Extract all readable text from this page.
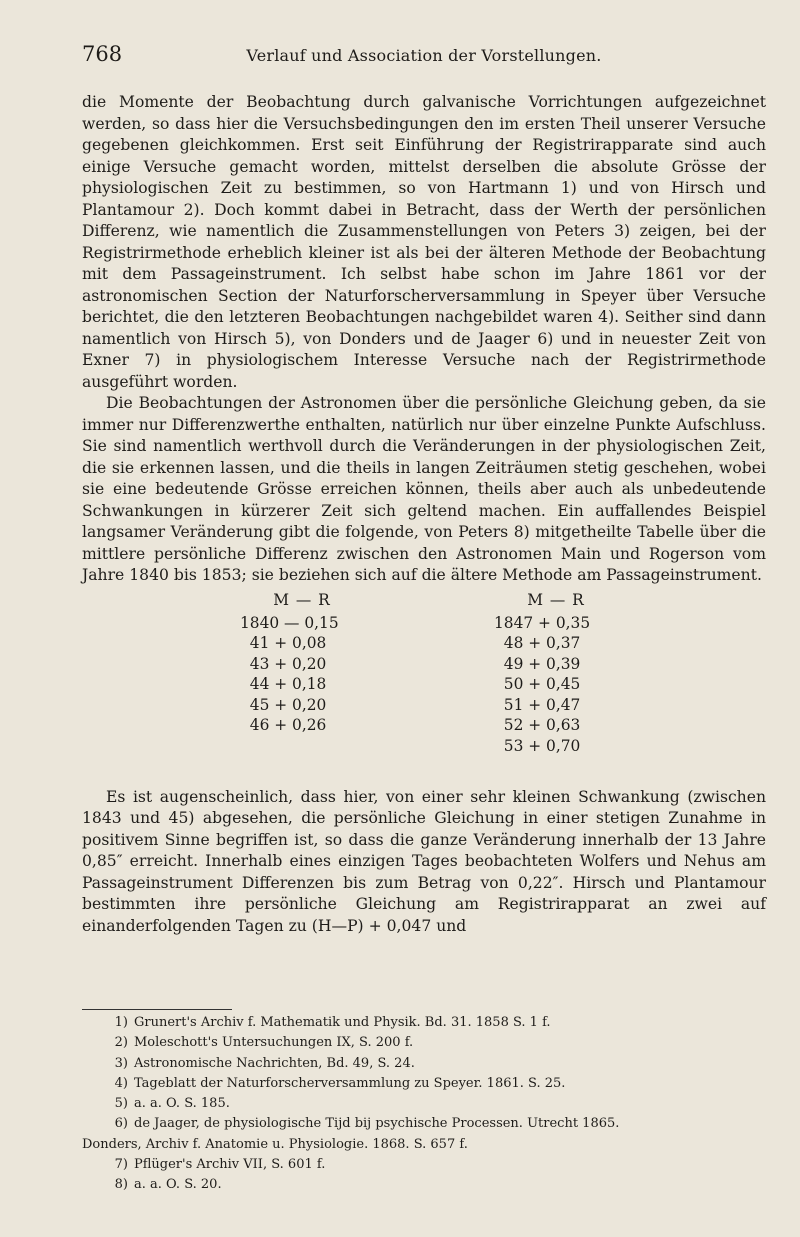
768	Verlauf und Association der Vorstellungen.

die Momente der Beobachtung durch galvanische Vorrichtungen aufgezeichnet werden, so dass hier die Versuchsbedingungen den im ersten Theil unserer Versuche gegebenen gleichkommen. Erst seit Einführung der Registrirapparate sind auch einige Versuche gemacht worden, mittelst derselben die absolute Grösse der physiologischen Zeit zu bestimmen, so von Hartmann 1) und von Hirsch und Plantamour 2). Doch kommt dabei in Betracht, dass der Werth der persönlichen Differenz, wie namentlich die Zusammenstellungen von Peters 3) zeigen, bei der Registrirmethode erheblich kleiner ist als bei der älteren Methode der Beobachtung mit dem Passageinstrument. Ich selbst habe schon im Jahre 1861 vor der astronomischen Section der Naturforscherversammlung in Speyer über Versuche berichtet, die den letzteren Beobachtungen nachgebildet waren 4). Seither sind dann namentlich von Hirsch 5), von Donders und de Jaager 6) und in neuester Zeit von Exner 7) in physiologischem Interesse Versuche nach der Registrirmethode ausgeführt worden.

Die Beobachtungen der Astronomen über die persönliche Gleichung geben, da sie immer nur Differenzwerthe enthalten, natürlich nur über einzelne Punkte Aufschluss. Sie sind namentlich werthvoll durch die Veränderungen in der physiologischen Zeit, die sie erkennen lassen, und die theils in langen Zeiträumen stetig geschehen, wobei sie eine bedeutende Grösse erreichen können, theils aber auch als unbedeutende Schwankungen in kürzerer Zeit sich geltend machen. Ein auffallendes Beispiel langsamer Veränderung gibt die folgende, von Peters 8) mitgetheilte Tabelle über die mittlere persönliche Differenz zwischen den Astronomen Main und Rogerson vom Jahre 1840 bis 1853; sie beziehen sich auf die ältere Methode am Passageinstrument.

M — R
1840 — 0,15
41 + 0,08
43 + 0,20
44 + 0,18
45 + 0,20
46 + 0,26
M — R
1847 + 0,35
48 + 0,37
49 + 0,39
50 + 0,45
51 + 0,47
52 + 0,63
53 + 0,70

Es ist augenscheinlich, dass hier, von einer sehr kleinen Schwankung (zwischen 1843 und 45) abgesehen, die persönliche Gleichung in einer stetigen Zunahme in positivem Sinne begriffen ist, so dass die ganze Veränderung innerhalb der 13 Jahre 0,85″ erreicht. Innerhalb eines einzigen Tages beobachteten Wolfers und Nehus am Passageinstrument Differenzen bis zum Betrag von 0,22″. Hirsch und Plantamour bestimmten ihre persönliche Gleichung am Registrirapparat an zwei auf einanderfolgenden Tagen zu (H—P) + 0,047 und

1) Grunert's Archiv f. Mathematik und Physik. Bd. 31. 1858 S. 1 f.
2) Moleschott's Untersuchungen IX, S. 200 f.
3) Astronomische Nachrichten, Bd. 49, S. 24.
4) Tageblatt der Naturforscherversammlung zu Speyer. 1861. S. 25.
5) a. a. O. S. 185.
6) de Jaager, de physiologische Tijd bij psychische Processen. Utrecht 1865.
Donders, Archiv f. Anatomie u. Physiologie. 1868. S. 657 f.
7) Pflüger's Archiv VII, S. 601 f.
8) a. a. O. S. 20.
